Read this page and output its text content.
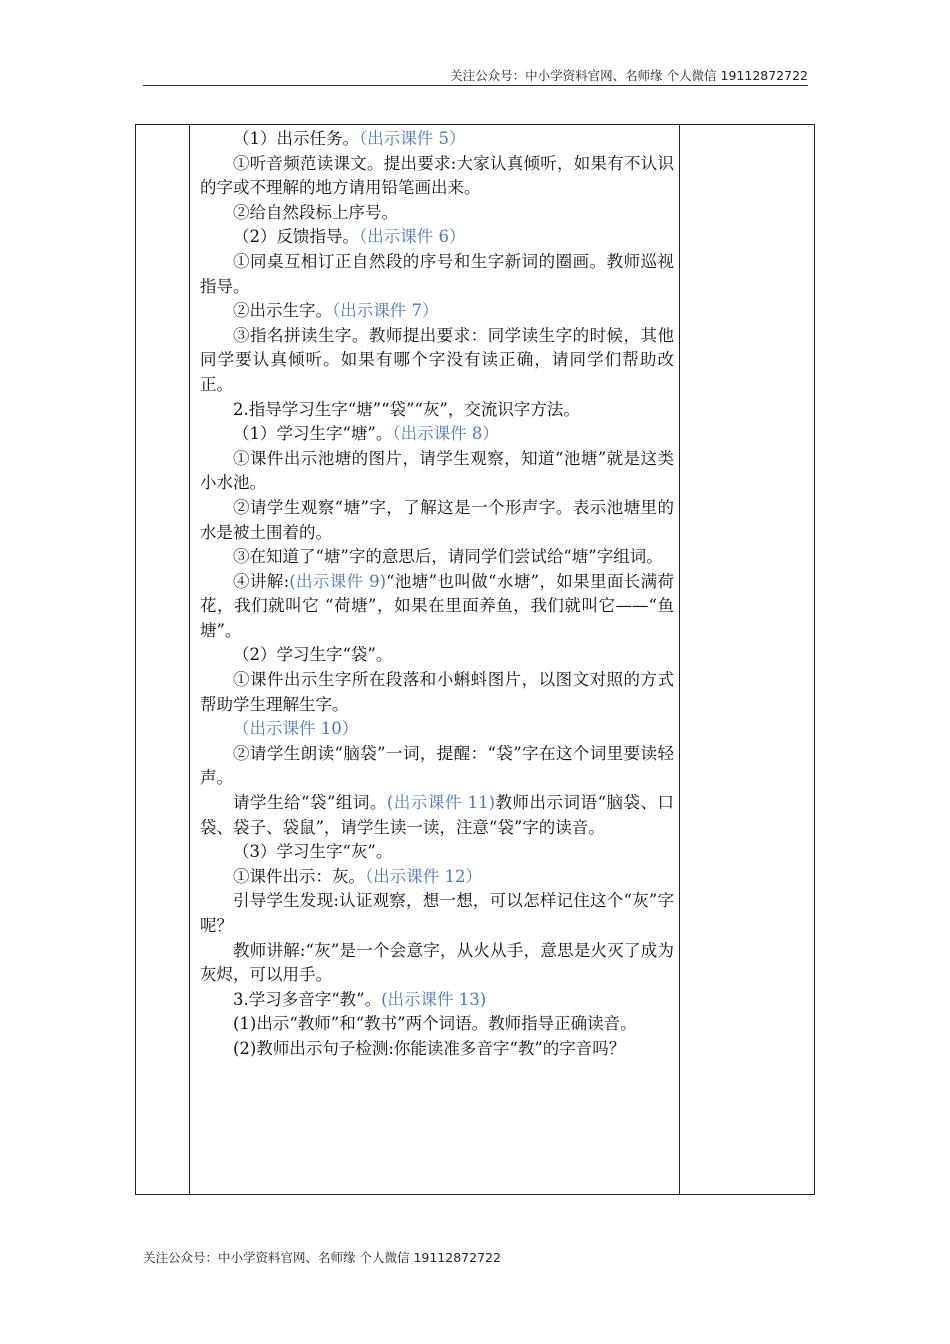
关注公众号：中小学资料官网、名师缘 个人微信 19112872722

（1）出示任务。（出示课件 5）

①听音频范读课文。提出要求:大家认真倾听，如果有不认识的字或不理解的地方请用铅笔画出来。

②给自然段标上序号。

（2）反馈指导。（出示课件 6）

①同桌互相订正自然段的序号和生字新词的圈画。教师巡视指导。

②出示生字。（出示课件 7）

③指名拼读生字。教师提出要求：同学读生字的时候，其他同学要认真倾听。如果有哪个字没有读正确，请同学们帮助改正。

2.指导学习生字“塘”“袋”“灰”，交流识字方法。

（1）学习生字“塘”。（出示课件 8）

①课件出示池塘的图片，请学生观察，知道“池塘”就是这类小水池。

②请学生观察“塘”字，了解这是一个形声字。表示池塘里的水是被土围着的。

③在知道了“塘”字的意思后，请同学们尝试给“塘”字组词。

④讲解:(出示课件 9)“池塘”也叫做“水塘”，如果里面长满荷花，我们就叫它 “荷塘”，如果在里面养鱼，我们就叫它——“鱼塘”。

（2）学习生字“袋”。

①课件出示生字所在段落和小蝌蚪图片，以图文对照的方式帮助学生理解生字。

（出示课件 10）

②请学生朗读“脑袋”一词，提醒：“袋”字在这个词里要读轻声。

请学生给“袋”组词。(出示课件 11)教师出示词语“脑袋、口袋、袋子、袋鼠”，请学生读一读，注意“袋”字的读音。

（3）学习生字“灰”。

①课件出示：灰。（出示课件 12）

引导学生发现:认证观察，想一想，可以怎样记住这个“灰”字呢？

教师讲解:“灰”是一个会意字，从火从手，意思是火灭了成为灰烬，可以用手。

3.学习多音字“教”。(出示课件 13)

(1)出示“教师”和“教书”两个词语。教师指导正确读音。

(2)教师出示句子检测:你能读准多音字“教”的字音吗？

关注公众号：中小学资料官网、名师缘 个人微信 19112872722
